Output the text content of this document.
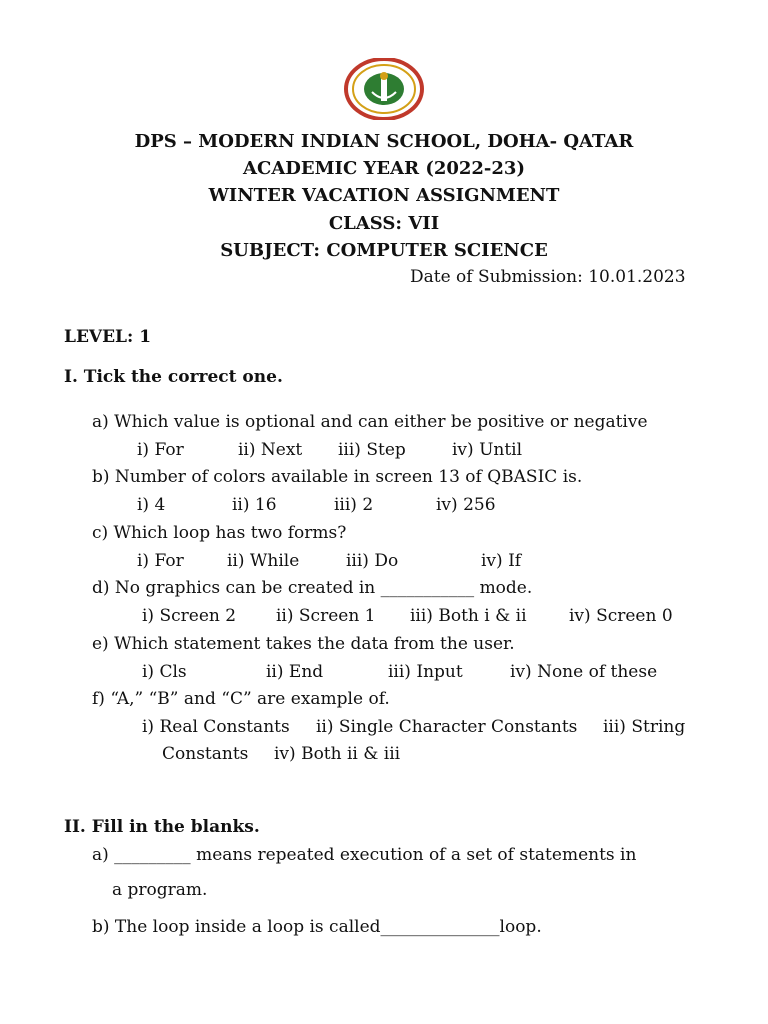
DPS – MODERN INDIAN SCHOOL, DOHA- QATAR
ACADEMIC YEAR (2022-23)
WINTER VACATION ASSIGNMENT
CLASS: VII
SUBJECT: COMPUTER SCIENCE
Date of Submission: 10.01.2023
LEVEL: 1
I. Tick the correct one.
a) Which value is optional and can either be positive or negative
i) For	ii) Next iii) Step	iv) Until
b) Number of colors available in screen 13 of QBASIC is.
i) 4	ii) 16	iii) 2	iv) 256
c) Which loop has two forms?
i) For	ii) While	iii) Do	iv) If
d) No graphics can be created in ___________ mode.
i) Screen 2 ii) Screen 1 iii) Both i & ii iv) Screen 0
e) Which statement takes the data from the user.
i) Cls	ii) End	iii) Input	iv) None of these
f) “A,” “B” and “C” are example of.
i) Real Constants ii) Single Character Constants iii) String
Constants iv) Both ii & iii
II. Fill in the blanks.
a) _________ means repeated execution of a set of statements in
a program.
b) The loop inside a loop is called______________loop.
